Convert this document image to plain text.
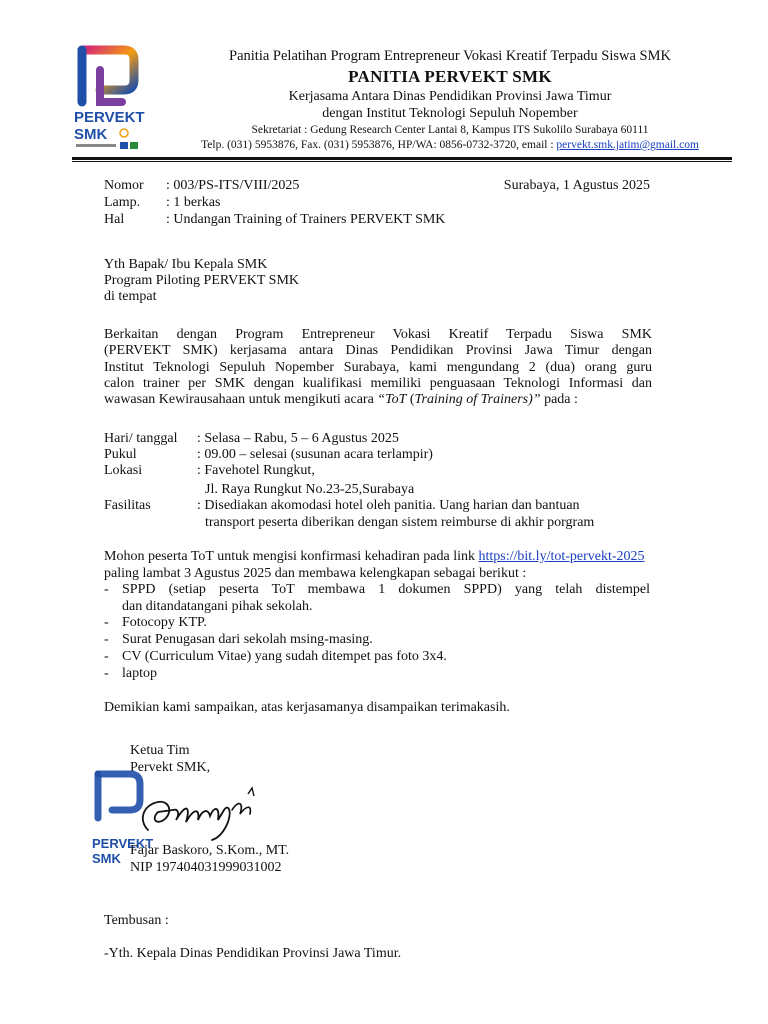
PERVEKT
SMK
Panitia Pelatihan Program Entrepreneur Vokasi Kreatif Terpadu Siswa SMK
PANITIA PERVEKT SMK
Kerjasama Antara Dinas Pendidikan Provinsi Jawa Timur
dengan Institut Teknologi Sepuluh Nopember
Sekretariat : Gedung Research Center Lantai 8, Kampus ITS Sukolilo Surabaya 60111
Telp. (031) 5953876, Fax. (031) 5953876, HP/WA: 0856-0732-3720, email : pervekt.smk.jatim@gmail.com
Nomor : 003/PS-ITS/VIII/2025	Surabaya, 1 Agustus 2025
Lamp. : 1 berkas
Hal	: Undangan Training of Trainers PERVEKT SMK
Yth Bapak/ Ibu Kepala SMK
Program Piloting PERVEKT SMK
di tempat
Berkaitan dengan Program Entrepreneur Vokasi Kreatif Terpadu Siswa SMK
(PERVEKT SMK) kerjasama antara Dinas Pendidikan Provinsi Jawa Timur dengan
Institut Teknologi Sepuluh Nopember Surabaya, kami mengundang 2 (dua) orang guru
calon trainer per SMK dengan kualifikasi memiliki penguasaan Teknologi Informasi dan
wawasan Kewirausahaan untuk mengikuti acara “ToT (Training of Trainers)” pada :
Hari/ tanggal : Selasa – Rabu, 5 – 6 Agustus 2025
Pukul	: 09.00 – selesai (susunan acara terlampir)
Lokasi	: Favehotel Rungkut,
Jl. Raya Rungkut No.23-25,Surabaya
Fasilitas	: Disediakan akomodasi hotel oleh panitia. Uang harian dan bantuan
transport peserta diberikan dengan sistem reimburse di akhir porgram
Mohon peserta ToT untuk mengisi konfirmasi kehadiran pada link https://bit.ly/tot-pervekt-2025
paling lambat 3 Agustus 2025 dan membawa kelengkapan sebagai berikut :
- SPPD (setiap peserta ToT membawa 1 dokumen SPPD) yang telah distempel
dan ditandatangani pihak sekolah.
- Fotocopy KTP.
- Surat Penugasan dari sekolah msing-masing.
- CV (Curriculum Vitae) yang sudah ditempet pas foto 3x4.
- laptop
Demikian kami sampaikan, atas kerjasamanya disampaikan terimakasih.
Ketua Tim
Pervekt SMK,
PERVEKT
SMK
Fajar Baskoro, S.Kom., MT.
NIP 197404031999031002
Tembusan :
-Yth. Kepala Dinas Pendidikan Provinsi Jawa Timur.
